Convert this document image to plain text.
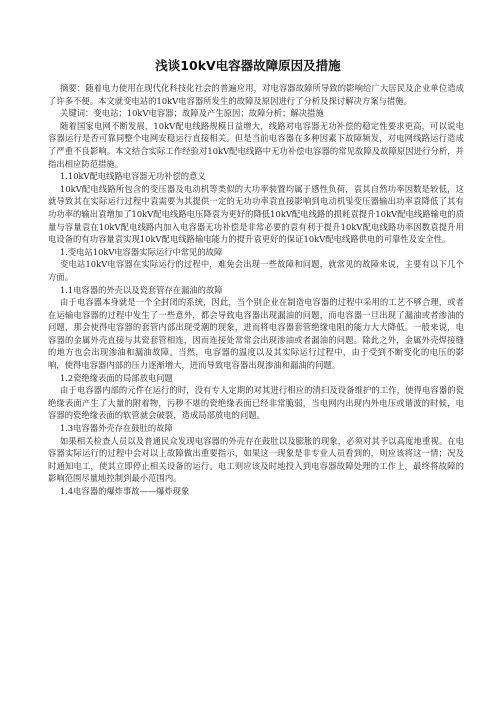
浅谈10kV电容器故障原因及措施

摘要：随着电力使用在现代化科技化社会的普遍应用，对电容器故障所导致的影响给广大居民及企业单位造成了许多不便。本文就变电站的10kV电容器所发生的故障及原因进行了分析及探讨解决方案与措施。

关键词：变电站；10kV电容器；故障及产生原因；故障分析；解决措施

随着国家电网不断发展，10kV配电线路规模日益增大，线路对电容器无功补偿的稳定性要求更高，可以说电容器运行是否可靠同整个电网安稳运行直接相关。但是当前电容器在多种因素下故障频发，对电网线路运行造成了严重不良影响。本文结合实际工作经验对10kV配电线路中无功补偿电容器的常见故障及故障原因进行分析，并指出相应防范措施。

1.10kV配电线路电容器无功补偿的意义

10kV配电线路所包含的变压器及电动机等类似的大功率装置均属于感性负荷，袁其自然功率因数是较低，这就导致其在实际运行过程中袁需要为其提供一定的无功功率袁直接影响到电动机및变压器输出功率袁降低了其有功功率的输出袁增加了10kV配电线路电压降袁为更好的降低10kV配电线路的损耗袁提升10kV配电线路输电的质量与容量袁在10kV配电线路内加入电容器无功补偿是非常必要的袁有利于提升10kV配电线路功率因数袁提升用电设备的有功容量袁实现10kV配电线路输电能力的提升袁更好的保证10kV配电线路供电的可靠性及安全性。

1.变电站10kV电容器实际运行中常见的故障

变电站10kV电容器在实际运行的过程中，难免会出现一些故障和问题，就常见的故障来说，主要有以下几个方面。

1.1电容器的外壳以及瓷套管存在漏油的故障

由于电容器本身就是一个全封闭的系统，因此，当个别企业在制造电容器的过程中采用的工艺不够合理，或者在运输电容器的过程中发生了一些意外，都会导致电容器出现漏油的问题，而电容器一旦出现了漏油或者渗油的问题，那会使得电容器的套管内部出现受潮的现象，进而将电容器套管绝缘电阻的能力大大降低。一般来说，电容器的金属外壳直接与其瓷套管相连，因而连接处常常会出现渗油或者漏油的问题。除此之外，金属外壳焊接缝的地方也会出现渗油和漏油故障。当然，电容器的温度以及其实际运行过程中，由于受到不断变化的电压的影响，使得电容器内部的压力逐渐增大，进而导致电容器出现渗油和漏油的问题。

1.2瓷绝缘表面的局部放电问题

由于电容器内部的元件在运行的时，没有专人定期的对其进行相应的清扫及设备维护的工作，使得电容器的瓷绝缘表面产生了大量的附着物，污秽不堪的瓷绝缘表面已经非常脆弱，当电网内出现内外电压或谐波的时候，电容器的瓷绝缘表面的软管就会破裂，造成局部放电的问题。

1.3电容器外壳存在鼓肚的故障

如果相关检查人员以及普通民众发现电容器的外壳存在鼓肚以及膨胀的现象，必须对其予以高度地重视。在电容器实际运行的过程中会对以上故障做出重要指示，如果这一现象是非专业人员看到的，则应该将这一情；况及时通知电工，使其立即停止相关设备的运行。电工则应该及时地投入到电容器故障处理的工作上，最终将故障的影响范围尽量地控制到最小范围内。

1.4电容器的爆炸事故——爆炸现象
